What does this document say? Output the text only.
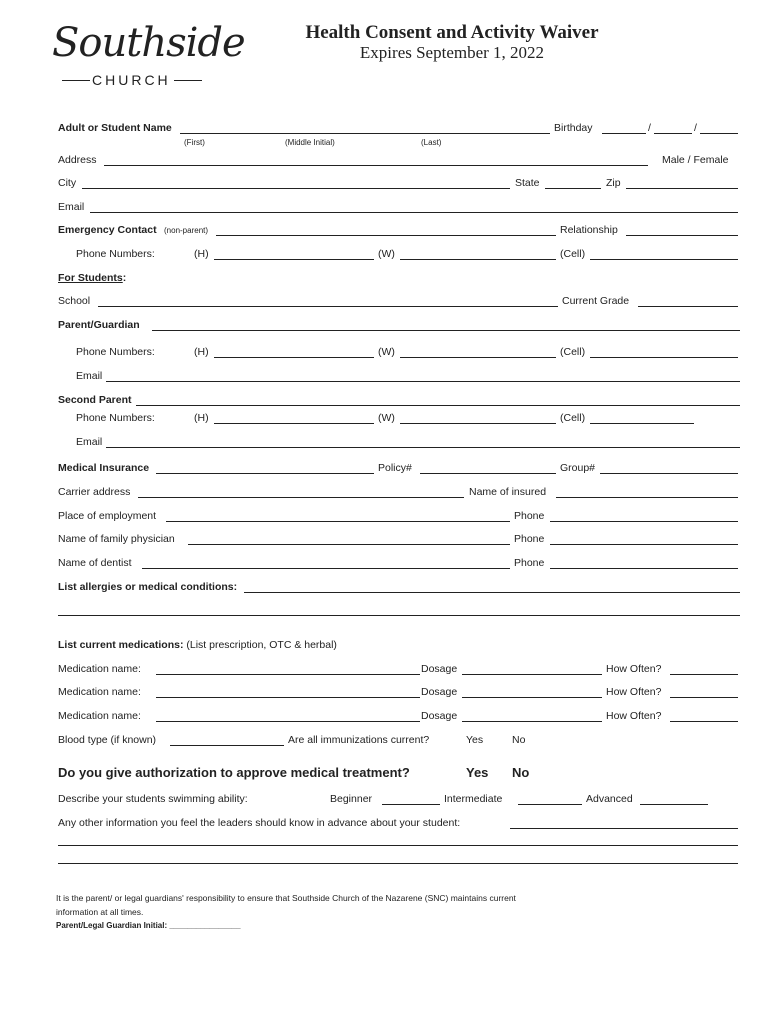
Southside
CHURCH
Health Consent and Activity Waiver
Expires September 1, 2022
Adult or Student Name	Birthday	/	/
(First)	(Middle Initial)	(Last)
Address	Male / Female
City	State	Zip
Email
Emergency Contact (non-parent)	Relationship
Phone Numbers:	(H)	(W)	(Cell)
For Students:
School	Current Grade
Parent/Guardian
Phone Numbers:	(H)	(W)	(Cell)
Email
Second Parent
Phone Numbers:	(H)	(W)	(Cell)
Email
Medical Insurance	Policy#	Group#
Carrier address	Name of insured
Place of employment	Phone
Name of family physician	Phone
Name of dentist	Phone
List allergies or medical conditions:
List current medications: (List prescription, OTC & herbal)
Medication name:	Dosage	How Often?
Medication name:	Dosage	How Often?
Medication name:	Dosage	How Often?
Blood type (if known)	Are all immunizations current?	Yes	No
Do you give authorization to approve medical treatment?	Yes No
Describe your students swimming ability:	Beginner	Intermediate	Advanced
Any other information you feel the leaders should know in advance about your student:
It is the parent/ or legal guardians' responsibility to ensure that Southside Church of the Nazarene (SNC) maintains current
information at all times.
Parent/Legal Guardian Initial: ________________
